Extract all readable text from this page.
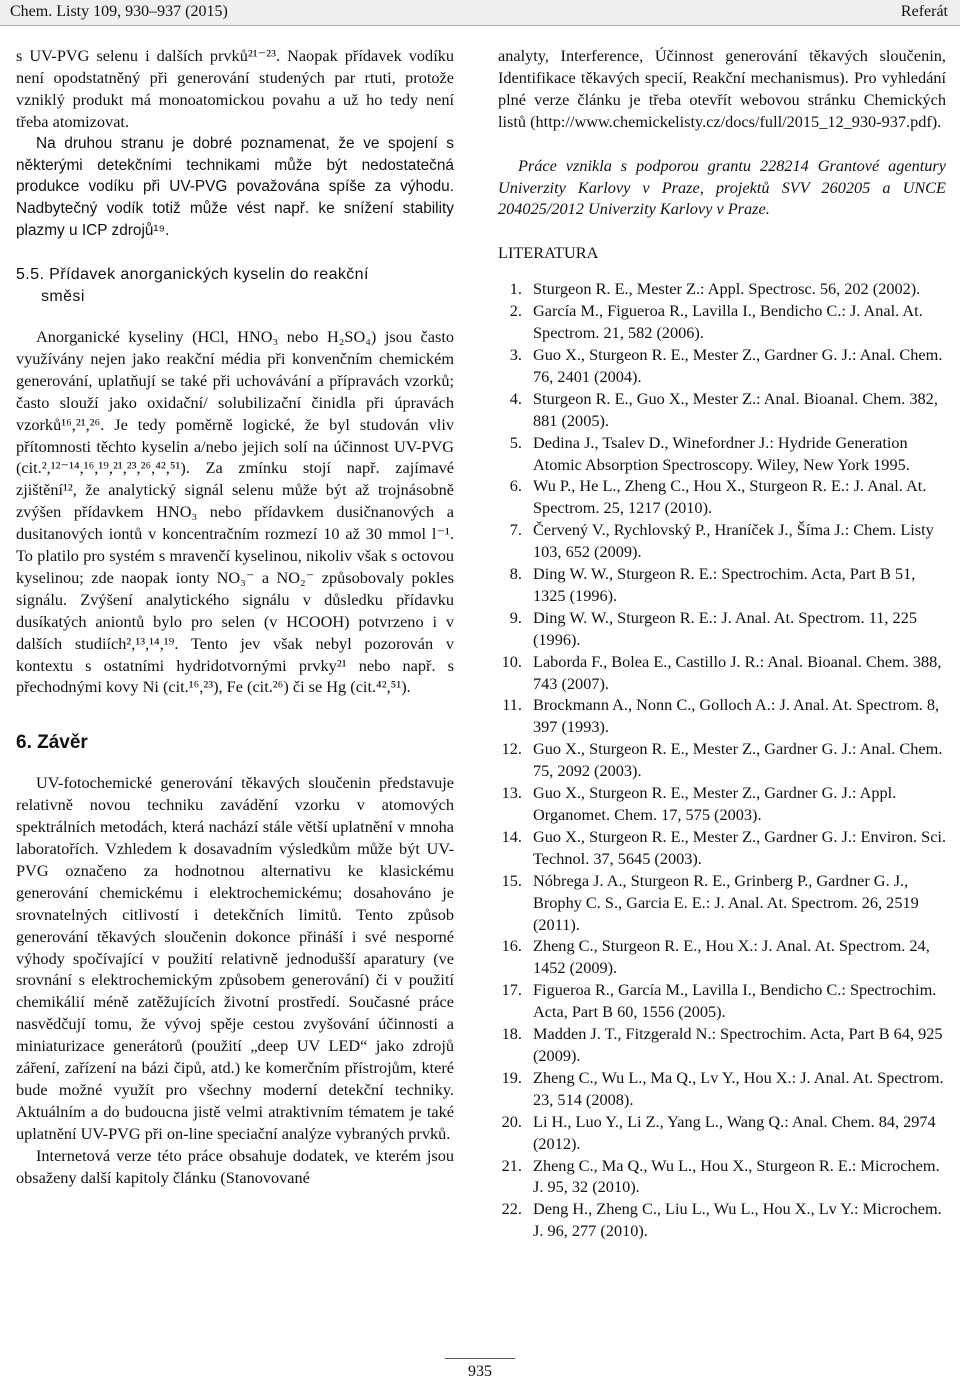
Chem. Listy 109, 930–937 (2015)	Referát

s UV-PVG selenu i dalších prvků²¹⁻²³. Naopak přídavek vodíku není opodstatněný při generování studených par rtuti, protože vzniklý produkt má monoatomickou povahu a už ho tedy není třeba atomizovat.

Na druhou stranu je dobré poznamenat, že ve spojení s některými detekčními technikami může být nedostatečná produkce vodíku při UV-PVG považována spíše za výhodu. Nadbytečný vodík totiž může vést např. ke snížení stability plazmy u ICP zdrojů¹⁹.

5.5. Přídavek anorganických kyselin do reakční
směsi

Anorganické kyseliny (HCl, HNO₃ nebo H₂SO₄) jsou často využívány nejen jako reakční média při konvenčním chemickém generování, uplatňují se také při uchovávání a přípravách vzorků; často slouží jako oxidační/ solubilizační činidla při úpravách vzorků¹⁶,²¹,²⁶. Je tedy poměrně logické, že byl studován vliv přítomnosti těchto kyselin a/nebo jejich solí na účinnost UV-PVG (cit.²,¹²⁻¹⁴,¹⁶,¹⁹,²¹,²³,²⁶,⁴²,⁵¹). Za zmínku stojí např. zajímavé zjištění¹², že analytický signál selenu může být až trojnásobně zvýšen přídavkem HNO₃ nebo přídavkem dusičnanových a dusitanových iontů v koncentračním rozmezí 10 až 30 mmol l⁻¹. To platilo pro systém s mravenčí kyselinou, nikoliv však s octovou kyselinou; zde naopak ionty NO₃⁻ a NO₂⁻ způsobovaly pokles signálu. Zvýšení analytického signálu v důsledku přídavku dusíkatých aniontů bylo pro selen (v HCOOH) potvrzeno i v dalších studiích²,¹³,¹⁴,¹⁹. Tento jev však nebyl pozorován v kontextu s ostatními hydridotvornými prvky²¹ nebo např. s přechodnými kovy Ni (cit.¹⁶,²³), Fe (cit.²⁶) či se Hg (cit.⁴²,⁵¹).

6. Závěr

UV-fotochemické generování těkavých sloučenin představuje relativně novou techniku zavádění vzorku v atomových spektrálních metodách, která nachází stále větší uplatnění v mnoha laboratořích. Vzhledem k dosavadním výsledkům může být UV-PVG označeno za hodnotnou alternativu ke klasickému generování chemickému i elektrochemickému; dosahováno je srovnatelných citlivostí i detekčních limitů. Tento způsob generování těkavých sloučenin dokonce přináší i své nesporné výhody spočívající v použití relativně jednodušší aparatury (ve srovnání s elektrochemickým způsobem generování) či v použití chemikálií méně zatěžujících životní prostředí. Současné práce nasvědčují tomu, že vývoj spěje cestou zvyšování účinnosti a miniaturizace generátorů (použití „deep UV LED“ jako zdrojů záření, zařízení na bázi čipů, atd.) ke komerčním přístrojům, které bude možné využít pro všechny moderní detekční techniky. Aktuálním a do budoucna jistě velmi atraktivním tématem je také uplatnění UV-PVG při on-line speciační analýze vybraných prvků.

Internetová verze této práce obsahuje dodatek, ve kterém jsou obsaženy další kapitoly článku (Stanovované

analyty, Interference, Účinnost generování těkavých sloučenin, Identifikace těkavých specií, Reakční mechanismus). Pro vyhledání plné verze článku je třeba otevřít webovou stránku Chemických listů (http://www.chemickelisty.cz/docs/full/2015_12_930-937.pdf).

Práce vznikla s podporou grantu 228214 Grantové agentury Univerzity Karlovy v Praze, projektů SVV 260205 a UNCE 204025/2012 Univerzity Karlovy v Praze.

LITERATURA
1. Sturgeon R. E., Mester Z.: Appl. Spectrosc. 56, 202 (2002).
2. García M., Figueroa R., Lavilla I., Bendicho C.: J. Anal. At. Spectrom. 21, 582 (2006).
3. Guo X., Sturgeon R. E., Mester Z., Gardner G. J.: Anal. Chem. 76, 2401 (2004).
4. Sturgeon R. E., Guo X., Mester Z.: Anal. Bioanal. Chem. 382, 881 (2005).
5. Dedina J., Tsalev D., Winefordner J.: Hydride Generation Atomic Absorption Spectroscopy. Wiley, New York 1995.
6. Wu P., He L., Zheng C., Hou X., Sturgeon R. E.: J. Anal. At. Spectrom. 25, 1217 (2010).
7. Červený V., Rychlovský P., Hraníček J., Šíma J.: Chem. Listy 103, 652 (2009).
8. Ding W. W., Sturgeon R. E.: Spectrochim. Acta, Part B 51, 1325 (1996).
9. Ding W. W., Sturgeon R. E.: J. Anal. At. Spectrom. 11, 225 (1996).
10. Laborda F., Bolea E., Castillo J. R.: Anal. Bioanal. Chem. 388, 743 (2007).
11. Brockmann A., Nonn C., Golloch A.: J. Anal. At. Spectrom. 8, 397 (1993).
12. Guo X., Sturgeon R. E., Mester Z., Gardner G. J.: Anal. Chem. 75, 2092 (2003).
13. Guo X., Sturgeon R. E., Mester Z., Gardner G. J.: Appl. Organomet. Chem. 17, 575 (2003).
14. Guo X., Sturgeon R. E., Mester Z., Gardner G. J.: Environ. Sci. Technol. 37, 5645 (2003).
15. Nóbrega J. A., Sturgeon R. E., Grinberg P., Gardner G. J., Brophy C. S., Garcia E. E.: J. Anal. At. Spectrom. 26, 2519 (2011).
16. Zheng C., Sturgeon R. E., Hou X.: J. Anal. At. Spectrom. 24, 1452 (2009).
17. Figueroa R., García M., Lavilla I., Bendicho C.: Spectrochim. Acta, Part B 60, 1556 (2005).
18. Madden J. T., Fitzgerald N.: Spectrochim. Acta, Part B 64, 925 (2009).
19. Zheng C., Wu L., Ma Q., Lv Y., Hou X.: J. Anal. At. Spectrom. 23, 514 (2008).
20. Li H., Luo Y., Li Z., Yang L., Wang Q.: Anal. Chem. 84, 2974 (2012).
21. Zheng C., Ma Q., Wu L., Hou X., Sturgeon R. E.: Microchem. J. 95, 32 (2010).
22. Deng H., Zheng C., Liu L., Wu L., Hou X., Lv Y.: Microchem. J. 96, 277 (2010).
935
